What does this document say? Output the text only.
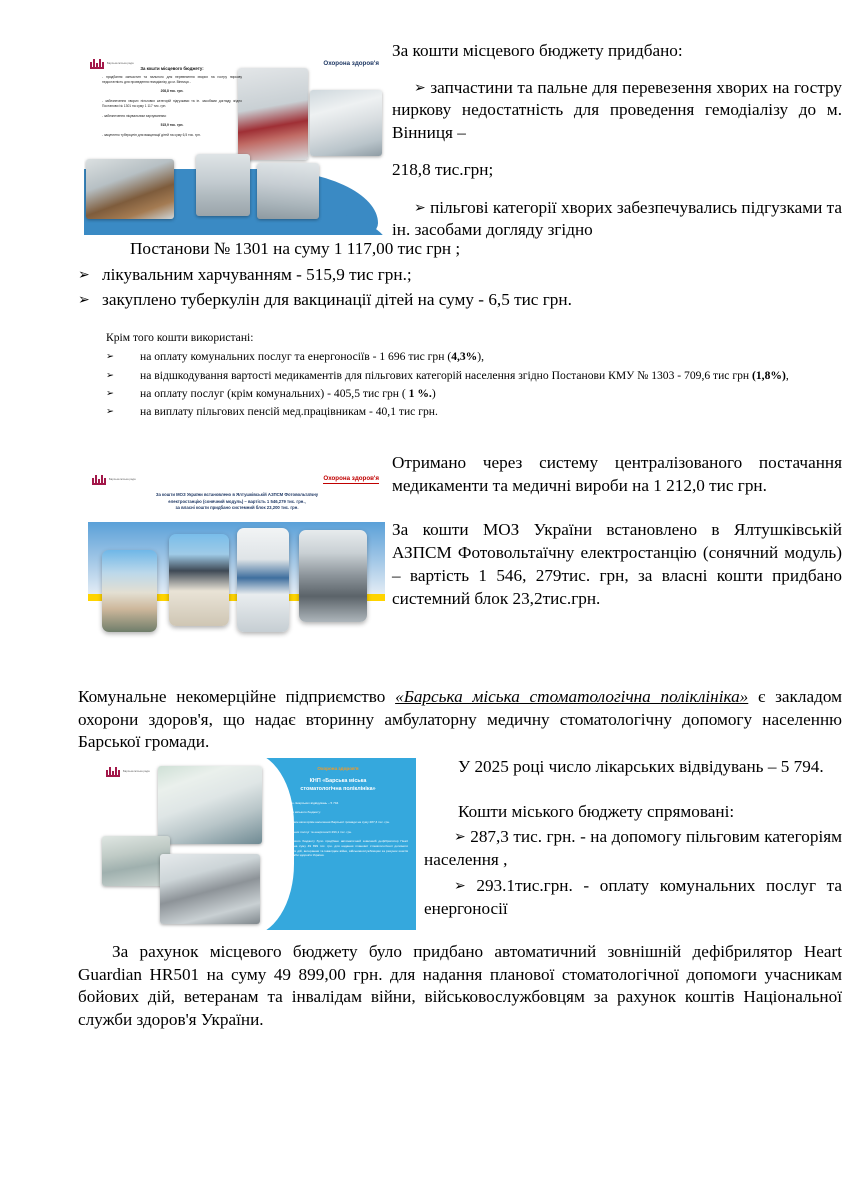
Барська міська рада	Охорона здоров'я
За кошти місцевого бюджету:

- придбання запчастин та пального для перевезення хворих на гостру ниркову недостатність для проведення гемодіалізу до м. Вінниця -

208,8 тис. грн.

- забезпечення хворих пільгових категорій підгузками та ін. засобами догляду згідно Постанови № 1301 на суму 1 117 тис. грн.

- забезпечення лікувальним харчуванням:

515,9 тис. грн.

- закуплено туберкулін для вакцинації дітей на суму 6,5 тис. грн.

За кошти місцевого бюджету придбано:

➢ запчастини та пальне для перевезення хворих на гостру ниркову недостатність для проведення гемодіалізу до м. Вінниця –

218,8 тис.грн;

➢ пільгові категорії хворих забезпечувались підгузками та ін. засобами догляду згідно

Постанови № 1301 на суму 1 117,00 тис грн ;

➢ лікувальним харчуванням - 515,9 тис грн.;

➢ закуплено туберкулін для вакцинації дітей на суму - 6,5 тис грн.

Крім того кошти використані:
➢	на оплату комунальних послуг та енергоносіїв - 1 696 тис грн (4,3%),
➢	на відшкодування вартості медикаментів для пільгових категорій населення згідно Постанови КМУ № 1303 - 709,6 тис грн (1,8%),
➢	на оплату послуг (крім комунальних) - 405,5 тис грн ( 1 %.)
➢	на виплату пільгових пенсій мед.працівникам - 40,1 тис грн.
Барська міська рада	Охорона здоров'я
За кошти МОЗ України встановлено в Ялтушківській АЗПСМ Фотовольтаїчну
електростанцію (сонячний модуль) – вартість 1 546,279 тис. грн.,
за власні кошти придбано системний блок 23,200 тис. грн.

Отримано через систему централізованого постачання медикаменти та медичні вироби на 1 212,0 тис грн.

За кошти МОЗ України встановлено в Ялтушківській АЗПСМ Фотовольтаїчну електростанцію (сонячний модуль) – вартість 1 546, 279тис. грн, за власні кошти придбано системний блок 23,2тис.грн.

Комунальне некомерційне підприємство «Барська міська стоматологічна поліклініка» є закладом охорони здоров'я, що надає вторинну амбулаторну медичну стоматологічну допомогу населенню Барської громади.
Барська міська рада
Охорона здоров'я
КНП «Барська міська
стоматологічна поліклініка»

У 2025 році число лікарських відвідувань – 5 794

За рахунок коштів міського бюджету:

- допомога пільговим категоріям населення Барської громади на суму 287,3 тис. грн.

- оплата комунальних послуг та енергоносії 293,1 тис. грн.

За рахунок місцевого бюджету було придбано автоматичний зовнішній дефібрилятор Heart Guardian HR501 на суму 49 899 тис. грн. для надання планової стоматологічної допомоги учасникам бойових дій, ветеранам та інвалідам війни, військовослужбовцям за рахунок коштів Національної служби здоров'я України.

У 2025 році число лікарських відвідувань – 5 794.

Кошти міського бюджету спрямовані:

➢ 287,3 тис. грн. - на допомогу пільговим категоріям населення ,

➢ 293.1тис.грн. - оплату комунальних послуг та енергоносії

За рахунок місцевого бюджету було придбано автоматичний зовнішній дефібрилятор Heart Guardian HR501 на суму 49 899,00 грн. для надання планової стоматологічної допомоги учасникам бойових дій, ветеранам та інвалідам війни, військовослужбовцям за рахунок коштів Національної служби здоров'я України.
